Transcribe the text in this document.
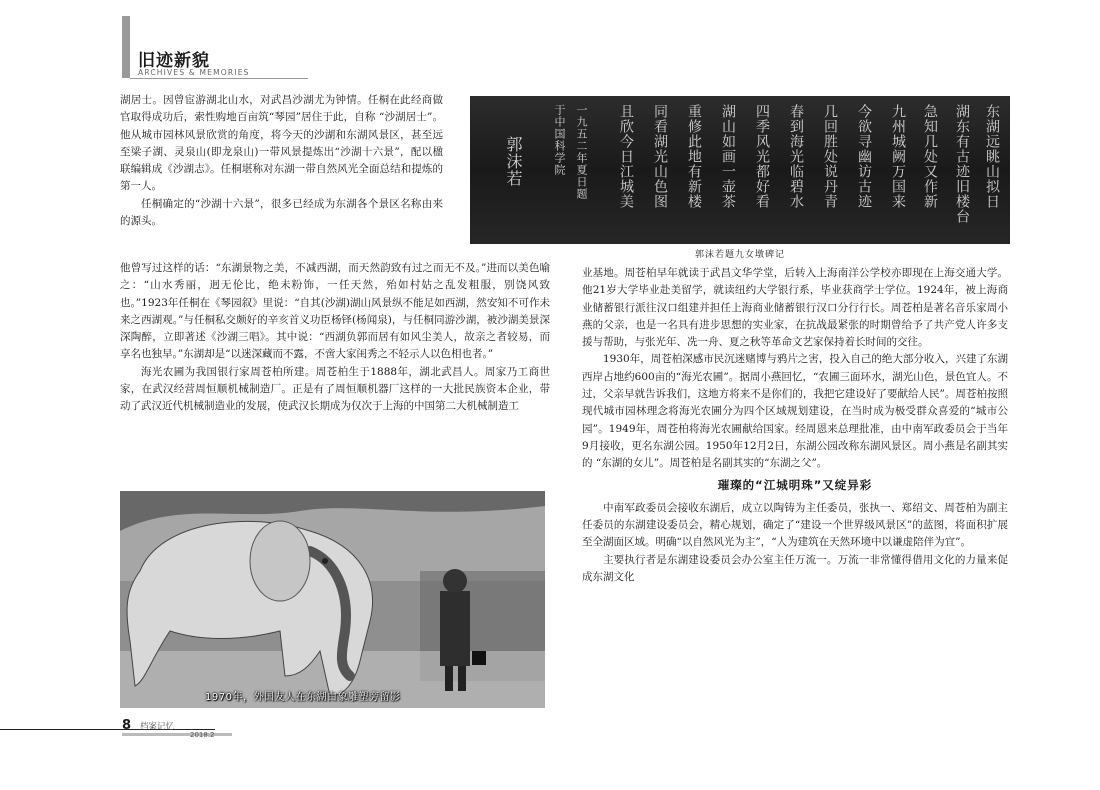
旧迹新貌
ARCHIVES & MEMORIES

湖居士。因曾宦游湖北山水，对武昌沙湖尤为钟情。任桐在此经商做官取得成功后，索性购地百亩筑“琴园”居住于此，自称 “沙湖居士”。他从城市园林风景欣赏的角度，将今天的沙湖和东湖风景区，甚至远至梁子湖、灵泉山(即龙泉山)一带风景提炼出“沙湖十六景”，配以楹联编辑成《沙湖志》。任桐堪称对东湖一带自然风光全面总结和提炼的第一人。

任桐确定的“沙湖十六景”，很多已经成为东湖各个景区名称由来的源头。

他曾写过这样的话：“东湖景物之美，不减西湖，而天然韵致有过之而无不及。”进而以美色喻之：“山水秀丽，迥无伦比，绝未粉饰，一任天然，殆如村姑之乱发粗服，别饶风致也。”1923年任桐在《琴园叙》里说：“自其(沙湖)湖山风景纵不能足如西湖，然安知不可作未来之西湖观。”与任桐私交颇好的辛亥首义功臣杨铎(杨闻泉)，与任桐同游沙湖，被沙湖美景深深陶醉，立即著述《沙湖三唱》。其中说：“西湖负郭而居有如风尘美人，故亲之者较易，而享名也独早。”东湖却是“以迷深藏而不露，不啻大家闺秀之不轻示人以色相也者。”

海光农圃为我国银行家周苍柏所建。周苍柏生于1888年，湖北武昌人。周家乃工商世家，在武汉经营周恒顺机械制造厂。正是有了周恒顺机器厂这样的一大批民族资本企业，带动了武汉近代机械制造业的发展，使武汉长期成为仅次于上海的中国第二大机械制造工

东湖远眺山拟日
湖东有古迹旧楼台
急知几处又作新
九州城阙万国来
今欲寻幽访古迹
几回胜处说丹青
春到海光临碧水
四季风光都好看
湖山如画一壶茶
重修此地有新楼
同看湖光山色图
且欣今日江城美
一九五二年夏日题
于中国科学院
郭沫若
郭沫若题九女墩碑记

业基地。周苍柏早年就读于武昌文华学堂，后转入上海南洋公学校亦即现在上海交通大学。他21岁大学毕业赴美留学，就读纽约大学银行系，毕业获商学士学位。1924年，被上海商业储蓄银行派往汉口组建并担任上海商业储蓄银行汉口分行行长。周苍柏是著名音乐家周小燕的父亲，也是一名具有进步思想的实业家，在抗战最紧张的时期曾给予了共产党人许多支援与帮助，与张光年、冼一舟、夏之秋等革命文艺家保持着长时间的交往。

1930年，周苍柏深感市民沉迷赌博与鸦片之害，投入自己的绝大部分收入，兴建了东湖西岸占地约600亩的“海光农圃”。据周小燕回忆，“农圃三面环水，湖光山色，景色宜人。不过，父亲早就告诉我们，这地方将来不是你们的，我把它建设好了要献给人民”。周苍柏按照现代城市园林理念将海光农圃分为四个区域规划建设，在当时成为极受群众喜爱的“城市公园”。1949年，周苍柏将海光农圃献给国家。经周恩来总理批准，由中南军政委员会于当年9月接收，更名东湖公园。1950年12月2日，东湖公园改称东湖风景区。周小燕是名副其实的 “东湖的女儿”。周苍柏是名副其实的“东湖之父”。

璀璨的“江城明珠”又绽异彩

中南军政委员会接收东湖后，成立以陶铸为主任委员，张执一、郑绍文、周苍柏为副主任委员的东湖建设委员会，精心规划，确定了“建设一个世界级风景区”的蓝图，将面积扩展至全湖面区域。明确“以自然风光为主”，“人为建筑在天然环境中以谦虚陪伴为宜”。

主要执行者是东湖建设委员会办公室主任万流一。万流一非常懂得借用文化的力量来促成东湖文化

1970年，外国友人在东湖白象雕塑旁留影
8 档案记忆
2018.2
